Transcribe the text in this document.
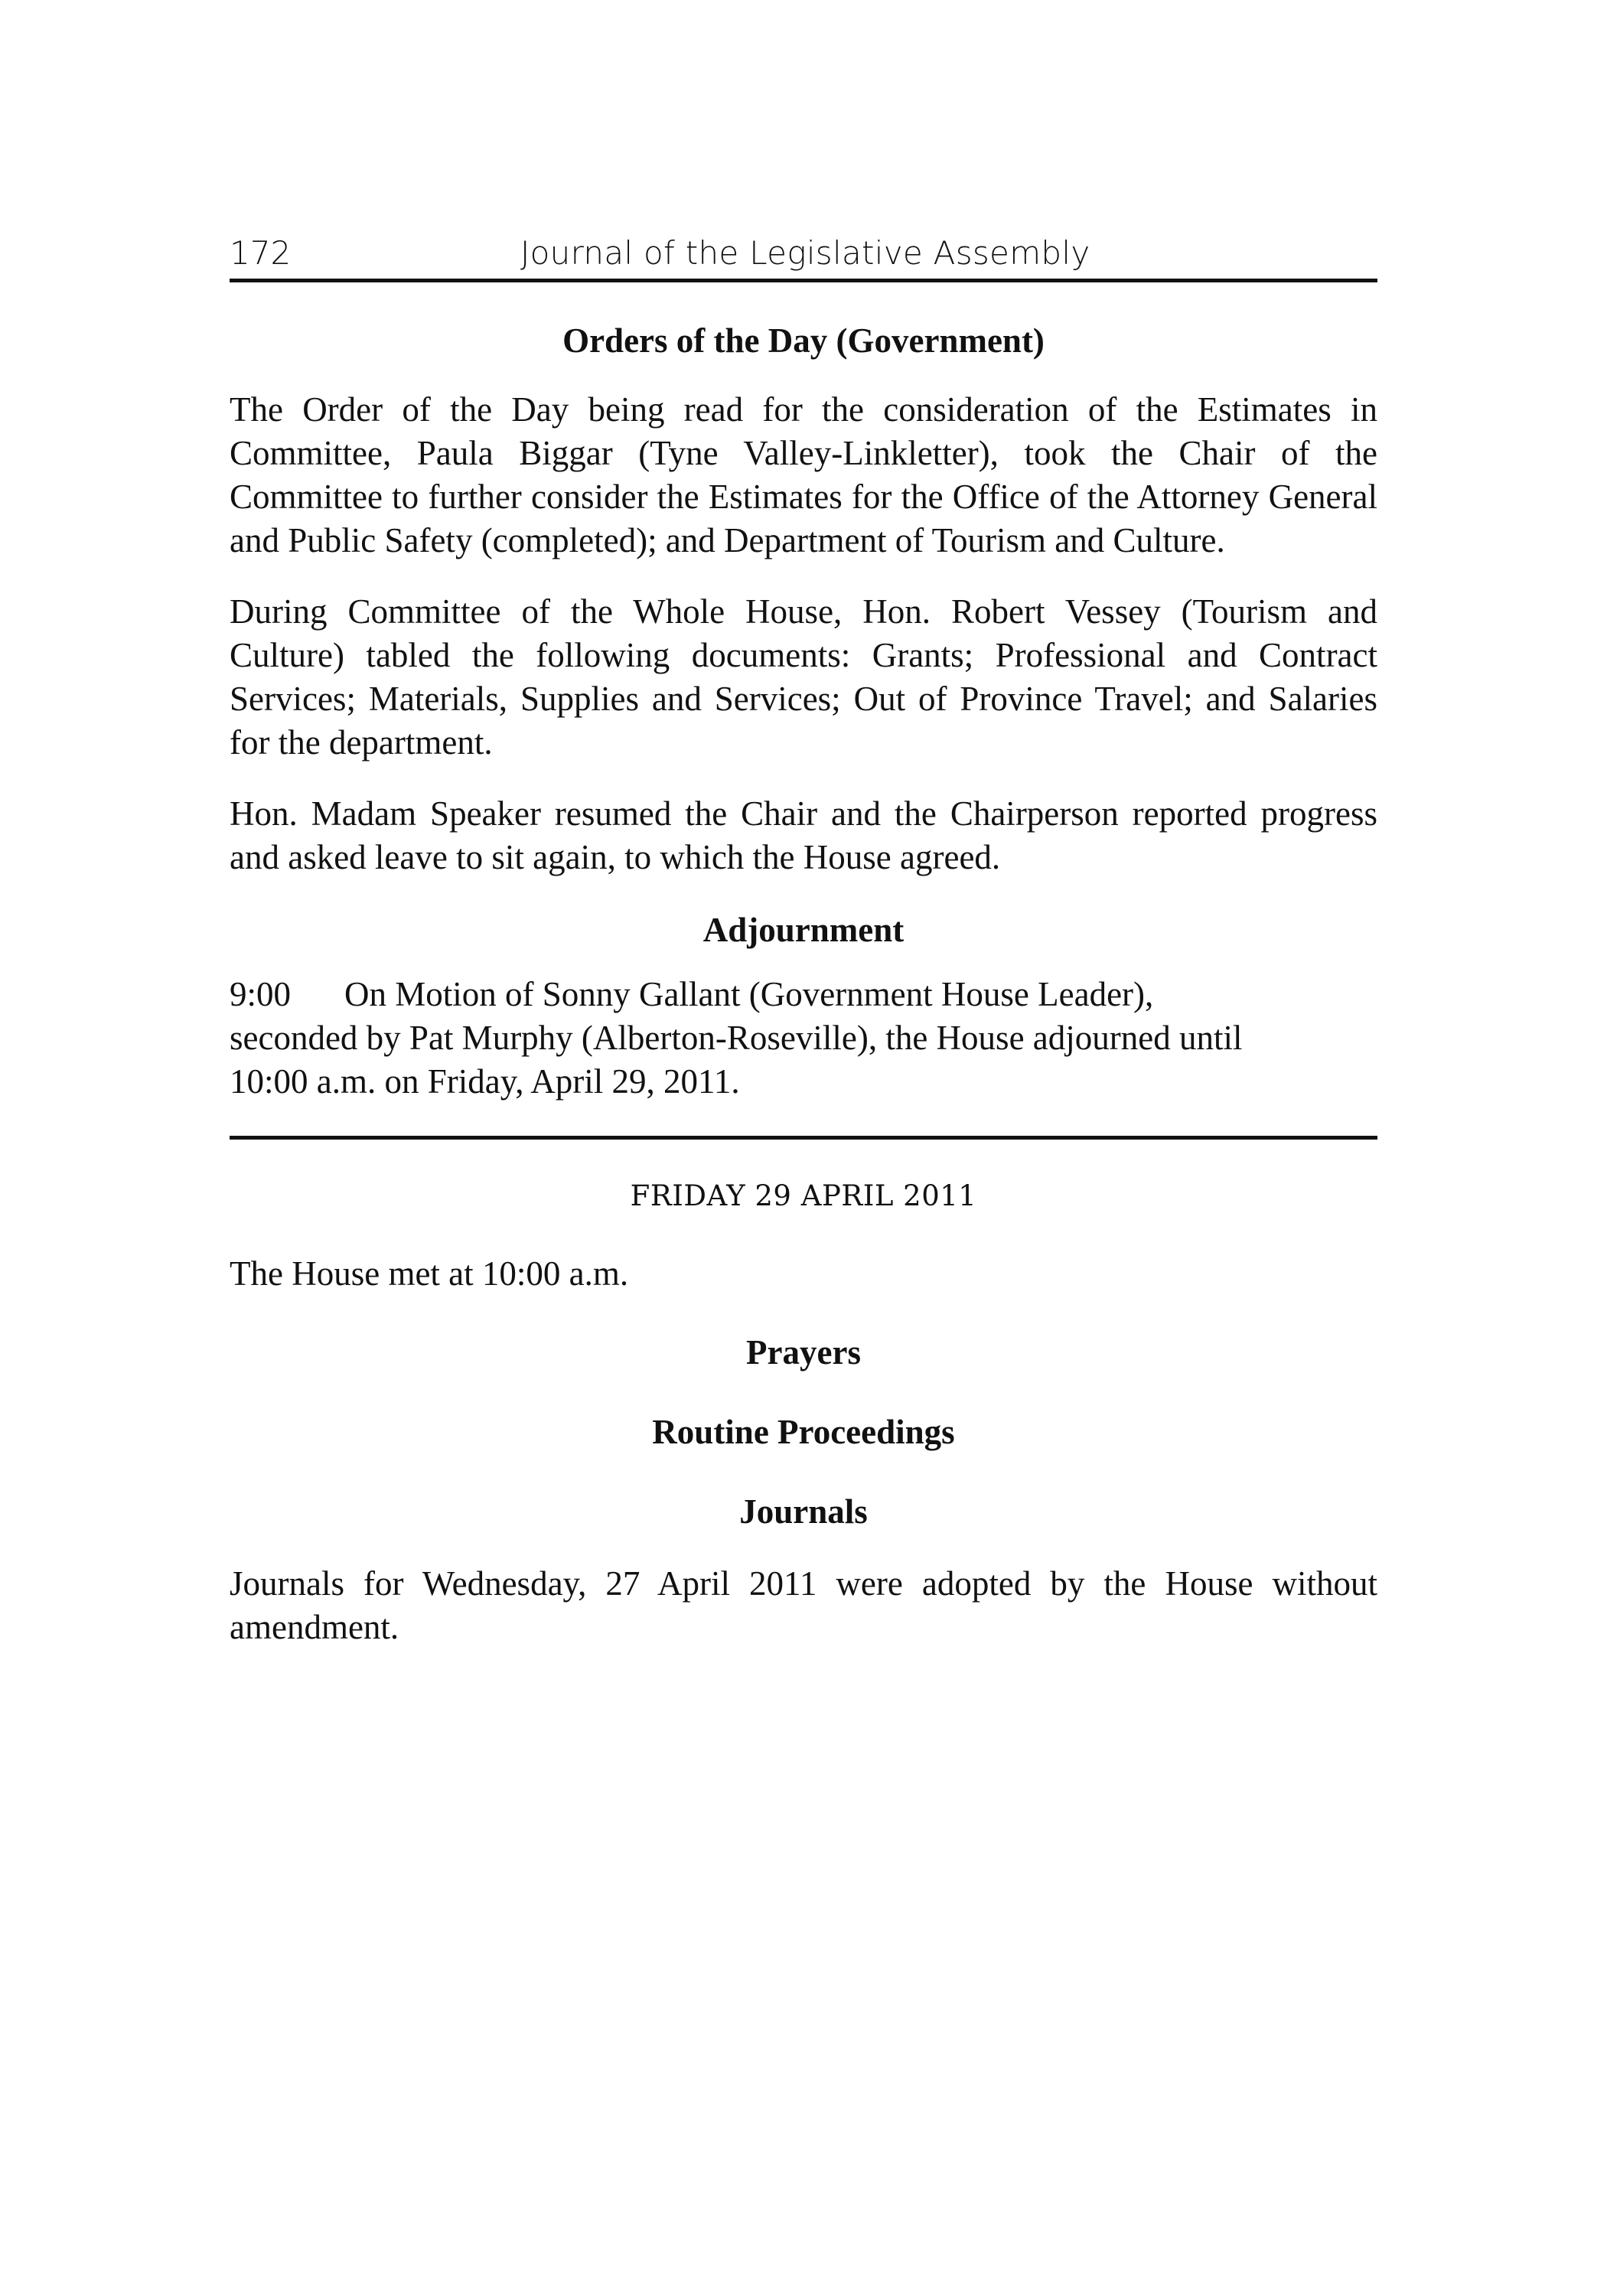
172	Journal of the Legislative Assembly
Orders of the Day (Government)

The Order of the Day being read for the consideration of the Estimates in Committee, Paula Biggar (Tyne Valley-Linkletter), took the Chair of the Committee to further consider the Estimates for the Office of the Attorney General and Public Safety (completed); and Department of Tourism and Culture.

During Committee of the Whole House, Hon. Robert Vessey (Tourism and Culture) tabled the following documents: Grants; Professional and Contract Services; Materials, Supplies and Services; Out of Province Travel; and Salaries for the department.

Hon. Madam Speaker resumed the Chair and the Chairperson reported progress and asked leave to sit again, to which the House agreed.

Adjournment
9:00 On Motion of Sonny Gallant (Government House Leader),
seconded by Pat Murphy (Alberton-Roseville), the House adjourned until
10:00 a.m. on Friday, April 29, 2011.

FRIDAY 29 APRIL 2011

The House met at 10:00 a.m.

Prayers
Routine Proceedings
Journals

Journals for Wednesday, 27 April 2011 were adopted by the House without amendment.
